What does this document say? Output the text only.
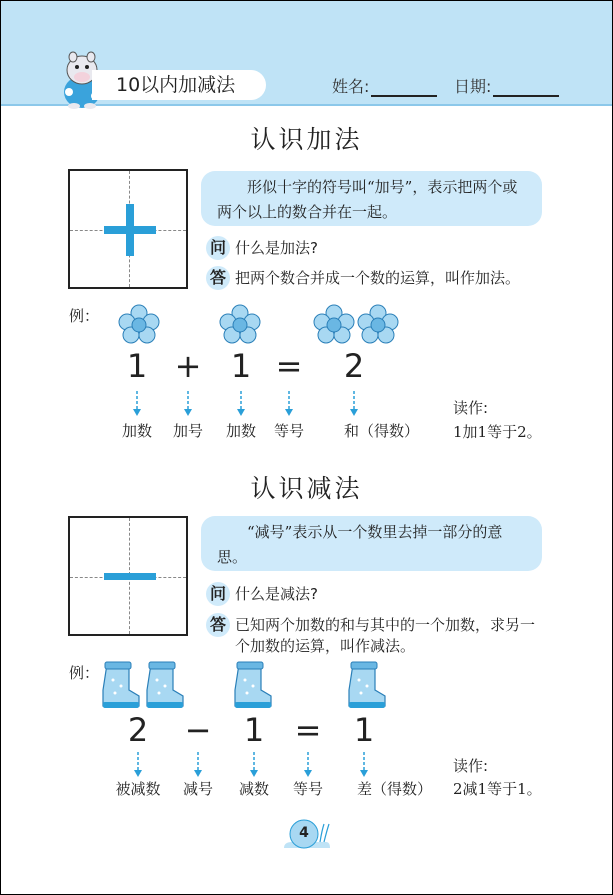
10以内加减法	姓名:	日期:
认识加法
形似十字的符号叫“加号”，表示把两个或两个以上的数合并在一起。
问 什么是加法?
答 把两个数合并成一个数的运算，叫作加法。
例：
1 + 1 =	2
加数	加号	加数	等号	和（得数）
读作:
1加1等于2。
认识减法
“减号”表示从一个数里去掉一部分的意思。
问 什么是减法?
答 已知两个加数的和与其中的一个加数，求另一个加数的运算，叫作减法。
例：
2	−	1 =	1
被减数	减号	减数	等号	差（得数）
读作:
2减1等于1。
4
